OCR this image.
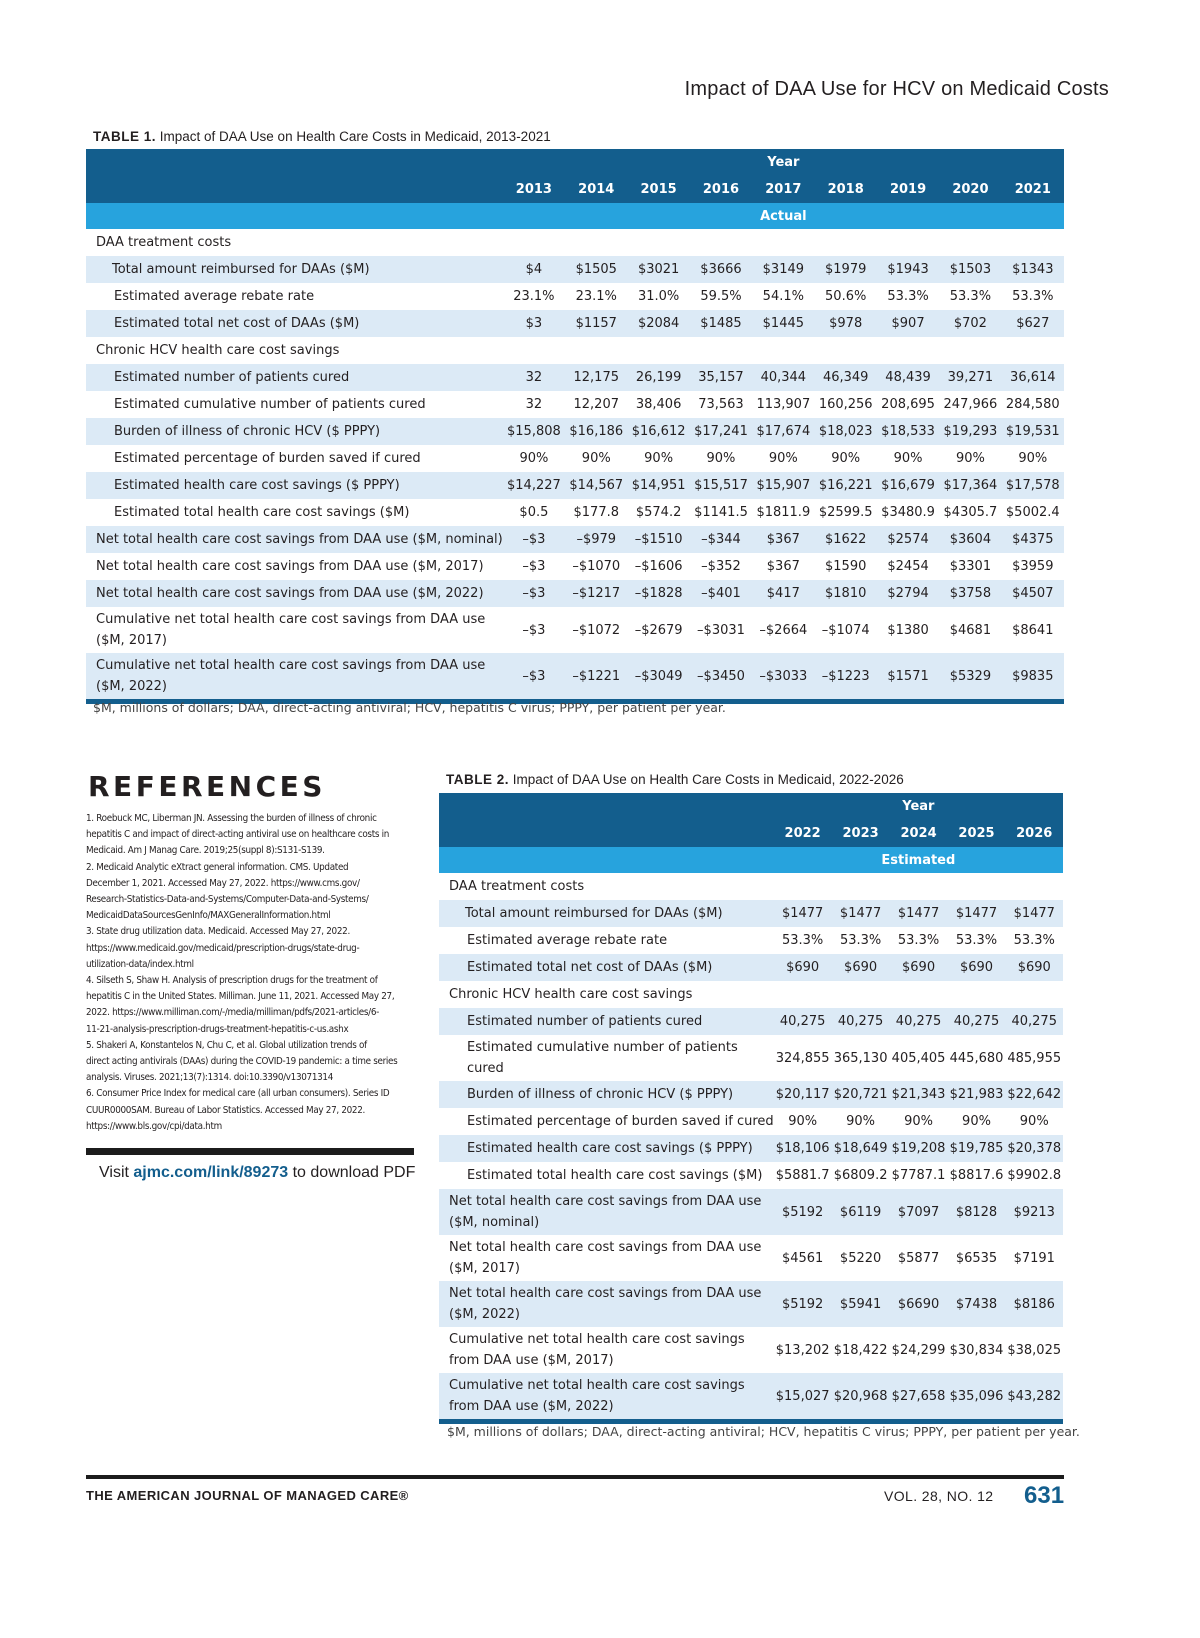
Impact of DAA Use for HCV on Medicaid Costs
TABLE 1. Impact of DAA Use on Health Care Costs in Medicaid, 2013-2021
	Year								
	2013	2014	2015	2016	2017	2018	2019	2020	2021
	Actual								
DAA treatment costs									
Total amount reimbursed for DAAs ($M)	$4	$1505	$3021	$3666	$3149	$1979	$1943	$1503	$1343
Estimated average rebate rate	23.1%	23.1%	31.0%	59.5%	54.1%	50.6%	53.3%	53.3%	53.3%
Estimated total net cost of DAAs ($M)	$3	$1157	$2084	$1485	$1445	$978	$907	$702	$627
Chronic HCV health care cost savings									
Estimated number of patients cured	32	12,175	26,199	35,157	40,344	46,349	48,439	39,271	36,614
Estimated cumulative number of patients cured	32	12,207	38,406	73,563	113,907	160,256	208,695	247,966	284,580
Burden of illness of chronic HCV ($ PPPY)	$15,808	$16,186	$16,612	$17,241	$17,674	$18,023	$18,533	$19,293	$19,531
Estimated percentage of burden saved if cured	90%	90%	90%	90%	90%	90%	90%	90%	90%
Estimated health care cost savings ($ PPPY)	$14,227	$14,567	$14,951	$15,517	$15,907	$16,221	$16,679	$17,364	$17,578
Estimated total health care cost savings ($M)	$0.5	$177.8	$574.2	$1141.5	$1811.9	$2599.5	$3480.9	$4305.7	$5002.4
Net total health care cost savings from DAA use ($M, nominal)	–$3	–$979	–$1510	–$344	$367	$1622	$2574	$3604	$4375
Net total health care cost savings from DAA use ($M, 2017)	–$3	–$1070	–$1606	–$352	$367	$1590	$2454	$3301	$3959
Net total health care cost savings from DAA use ($M, 2022)	–$3	–$1217	–$1828	–$401	$417	$1810	$2794	$3758	$4507
Cumulative net total health care cost savings from DAA use ($M, 2017)	–$3	–$1072	–$2679	–$3031	–$2664	–$1074	$1380	$4681	$8641
Cumulative net total health care cost savings from DAA use ($M, 2022)	–$3	–$1221	–$3049	–$3450	–$3033	–$1223	$1571	$5329	$9835
$M, millions of dollars; DAA, direct-acting antiviral; HCV, hepatitis C virus; PPPY, per patient per year.
REFERENCES
1. Roebuck MC, Liberman JN. Assessing the burden of illness of chronic
hepatitis C and impact of direct-acting antiviral use on healthcare costs in
Medicaid. Am J Manag Care. 2019;25(suppl 8):S131-S139.
2. Medicaid Analytic eXtract general information. CMS. Updated
December 1, 2021. Accessed May 27, 2022. https://www.cms.gov/
Research-Statistics-Data-and-Systems/Computer-Data-and-Systems/
MedicaidDataSourcesGenInfo/MAXGeneralInformation.html
3. State drug utilization data. Medicaid. Accessed May 27, 2022.
https://www.medicaid.gov/medicaid/prescription-drugs/state-drug-
utilization-data/index.html
4. Silseth S, Shaw H. Analysis of prescription drugs for the treatment of
hepatitis C in the United States. Milliman. June 11, 2021. Accessed May 27,
2022. https://www.milliman.com/-/media/milliman/pdfs/2021-articles/6-
11-21-analysis-prescription-drugs-treatment-hepatitis-c-us.ashx
5. Shakeri A, Konstantelos N, Chu C, et al. Global utilization trends of
direct acting antivirals (DAAs) during the COVID-19 pandemic: a time series
analysis. Viruses. 2021;13(7):1314. doi:10.3390/v13071314
6. Consumer Price Index for medical care (all urban consumers). Series ID
CUUR0000SAM. Bureau of Labor Statistics. Accessed May 27, 2022.
https://www.bls.gov/cpi/data.htm
Visit ajmc.com/link/89273 to download PDF
TABLE 2. Impact of DAA Use on Health Care Costs in Medicaid, 2022-2026
	Year				
	2022	2023	2024	2025	2026
	Estimated				
DAA treatment costs					
Total amount reimbursed for DAAs ($M)	$1477	$1477	$1477	$1477	$1477
Estimated average rebate rate	53.3%	53.3%	53.3%	53.3%	53.3%
Estimated total net cost of DAAs ($M)	$690	$690	$690	$690	$690
Chronic HCV health care cost savings					
Estimated number of patients cured	40,275	40,275	40,275	40,275	40,275
Estimated cumulative number of patients cured	324,855	365,130	405,405	445,680	485,955
Burden of illness of chronic HCV ($ PPPY)	$20,117	$20,721	$21,343	$21,983	$22,642
Estimated percentage of burden saved if cured	90%	90%	90%	90%	90%
Estimated health care cost savings ($ PPPY)	$18,106	$18,649	$19,208	$19,785	$20,378
Estimated total health care cost savings ($M)	$5881.7	$6809.2	$7787.1	$8817.6	$9902.8
Net total health care cost savings from DAA use ($M, nominal)	$5192	$6119	$7097	$8128	$9213
Net total health care cost savings from DAA use ($M, 2017)	$4561	$5220	$5877	$6535	$7191
Net total health care cost savings from DAA use ($M, 2022)	$5192	$5941	$6690	$7438	$8186
Cumulative net total health care cost savings from DAA use ($M, 2017)	$13,202	$18,422	$24,299	$30,834	$38,025
Cumulative net total health care cost savings from DAA use ($M, 2022)	$15,027	$20,968	$27,658	$35,096	$43,282
$M, millions of dollars; DAA, direct-acting antiviral; HCV, hepatitis C virus; PPPY, per patient per year.
THE AMERICAN JOURNAL OF MANAGED CARE®	VOL. 28, NO. 12 631
